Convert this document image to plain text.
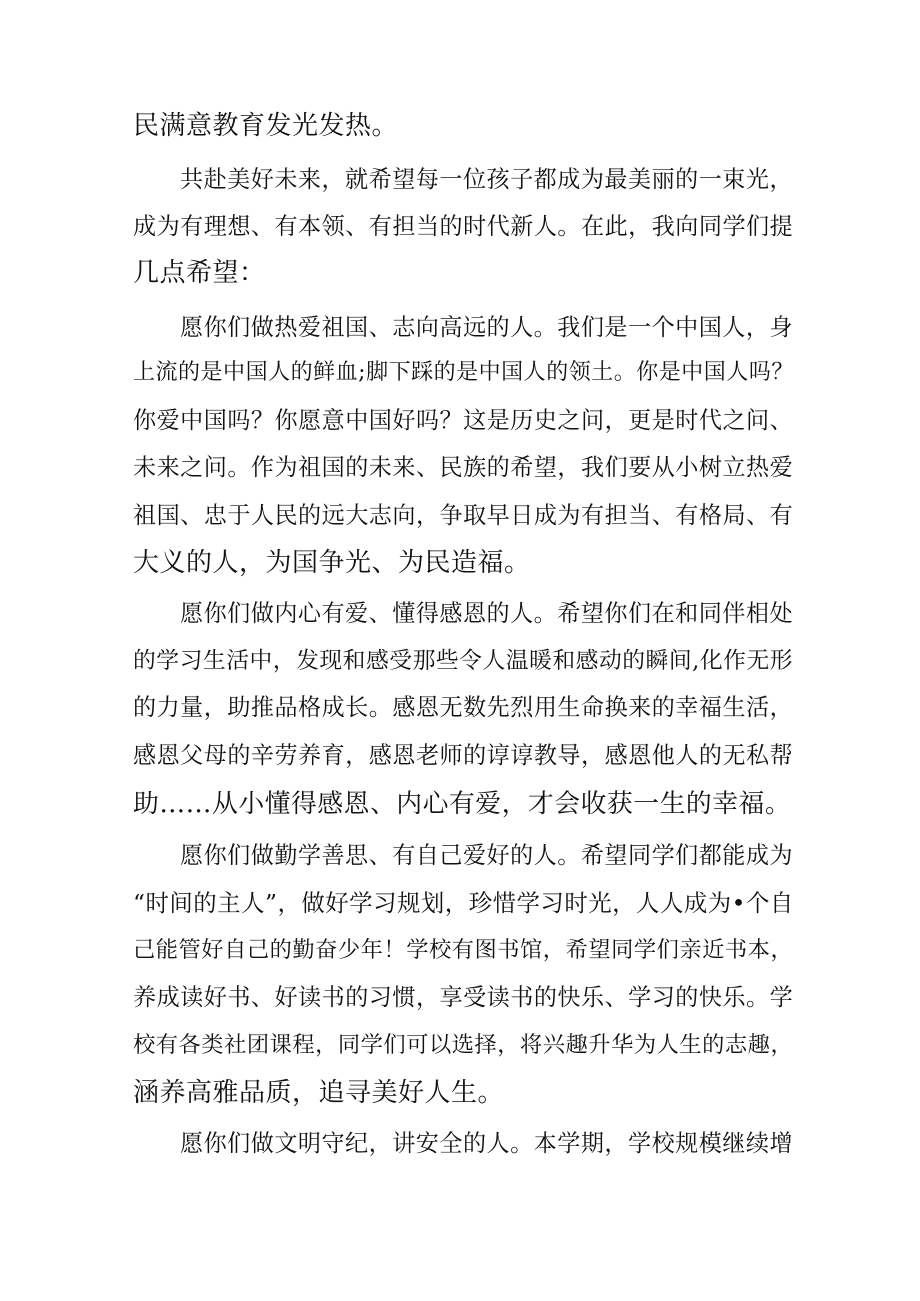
民满意教育发光发热。

共赴美好未来，就希望每一位孩子都成为最美丽的一束光，

成为有理想、有本领、有担当的时代新人。在此，我向同学们提

几点希望：

愿你们做热爱祖国、志向高远的人。我们是一个中国人，身

上流的是中国人的鲜血;脚下踩的是中国人的领土。你是中国人吗？

你爱中国吗？你愿意中国好吗？这是历史之问，更是时代之问、

未来之问。作为祖国的未来、民族的希望，我们要从小树立热爱

祖国、忠于人民的远大志向，争取早日成为有担当、有格局、有

大义的人，为国争光、为民造福。

愿你们做内心有爱、懂得感恩的人。希望你们在和同伴相处

的学习生活中，发现和感受那些令人温暖和感动的瞬间,化作无形

的力量，助推品格成长。感恩无数先烈用生命换来的幸福生活，

感恩父母的辛劳养育，感恩老师的谆谆教导，感恩他人的无私帮

助……从小懂得感恩、内心有爱，才会收获一生的幸福。

愿你们做勤学善思、有自己爱好的人。希望同学们都能成为

“时间的主人”，做好学习规划，珍惜学习时光，人人成为•个自

己能管好自己的勤奋少年！学校有图书馆，希望同学们亲近书本，

养成读好书、好读书的习惯，享受读书的快乐、学习的快乐。学

校有各类社团课程，同学们可以选择，将兴趣升华为人生的志趣，

涵养高雅品质，追寻美好人生。

愿你们做文明守纪，讲安全的人。本学期，学校规模继续增
